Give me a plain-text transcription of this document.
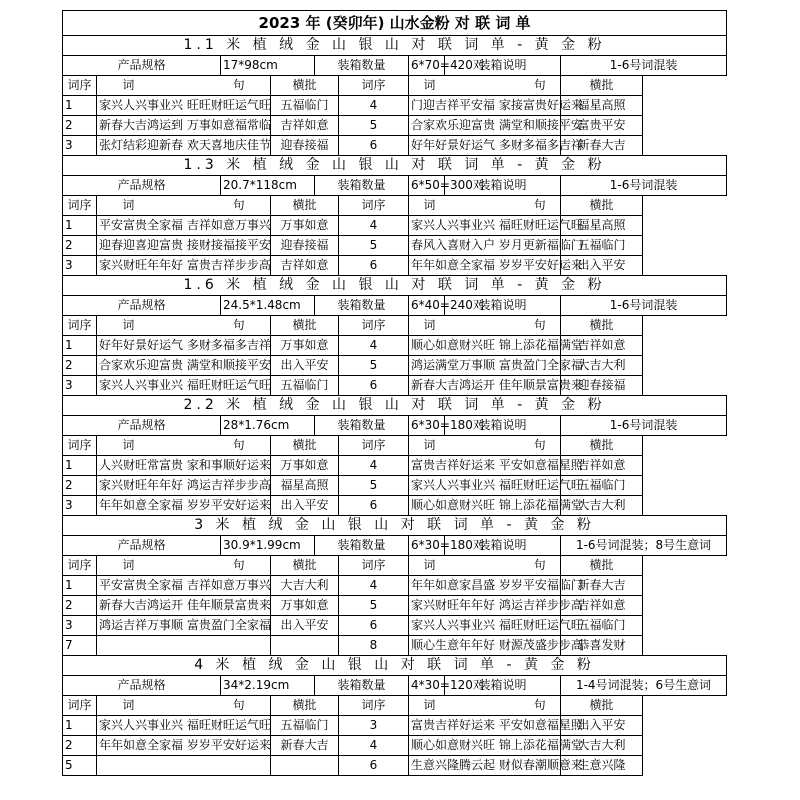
2023 年 (癸卯年) 山水金粉 对 联 词 单								
1.1 米 植 绒 金 山 银 山 对 联 词 单 - 黄 金 粉								
产品规格		17*98cm		装箱数量		6*70=420对	装箱说明	1-6号词混装
词序	词 句		横批		词序	词 句		横批
1	家兴人兴事业兴 旺旺财旺运气旺		五福临门		4	门迎吉祥平安福 家接富贵好运来		福星高照
2	新春大吉鸿运到 万事如意福常临		吉祥如意		5	合家欢乐迎富贵 满堂和顺接平安		富贵平安
3	张灯结彩迎新春 欢天喜地庆佳节		迎春接福		6	好年好景好运气 多财多福多吉祥		新春大吉
1.3 米 植 绒 金 山 银 山 对 联 词 单 - 黄 金 粉								
产品规格		20.7*118cm		装箱数量		6*50=300对	装箱说明	1-6号词混装
词序	词 句		横批		词序	词 句		横批
1	平安富贵全家福 吉祥如意万事兴		万事如意		4	家兴人兴事业兴 福旺财旺运气旺		福星高照
2	迎春迎喜迎富贵 接财接福接平安		迎春接福		5	春风入喜财入户 岁月更新福临门		五福临门
3	家兴财旺年年好 富贵吉祥步步高		吉祥如意		6	年年如意全家福 岁岁平安好运来		出入平安
1.6 米 植 绒 金 山 银 山 对 联 词 单 - 黄 金 粉								
产品规格		24.5*1.48cm		装箱数量		6*40=240对	装箱说明	1-6号词混装
词序	词 句		横批		词序	词 句		横批
1	好年好景好运气 多财多福多吉祥		万事如意		4	顺心如意财兴旺 锦上添花福满堂		吉祥如意
2	合家欢乐迎富贵 满堂和顺接平安		出入平安		5	鸿运满堂万事顺 富贵盈门全家福		大吉大利
3	家兴人兴事业兴 福旺财旺运气旺		五福临门		6	新春大吉鸿运开 佳年顺景富贵来		迎春接福
2.2 米 植 绒 金 山 银 山 对 联 词 单 - 黄 金 粉								
产品规格		28*1.76cm		装箱数量		6*30=180对	装箱说明	1-6号词混装
词序	词 句		横批		词序	词 句		横批
1	人兴财旺常富贵 家和事顺好运来		万事如意		4	富贵吉祥好运来 平安如意福星照		吉祥如意
2	家兴财旺年年好 鸿运吉祥步步高		福星高照		5	家兴人兴事业兴 福旺财旺运气旺		五福临门
3	年年如意全家福 岁岁平安好运来		出入平安		6	顺心如意财兴旺 锦上添花福满堂		大吉大利
3 米 植 绒 金 山 银 山 对 联 词 单 - 黄 金 粉								
产品规格		30.9*1.99cm		装箱数量		6*30=180对	装箱说明	1-6号词混装；8号生意词
词序	词 句		横批		词序	词 句		横批
1	平安富贵全家福 吉祥如意万事兴		大吉大利		4	年年如意家昌盛 岁岁平安福临门		新春大吉
2	新春大吉鸿运开 佳年顺景富贵来		万事如意		5	家兴财旺年年好 鸿运吉祥步步高		吉祥如意
3	鸿运吉祥万事顺 富贵盈门全家福		出入平安		6	家兴人兴事业兴 福旺财旺运气旺		五福临门
7					8	顺心生意年年好 财源茂盛步步高		恭喜发财
4 米 植 绒 金 山 银 山 对 联 词 单 - 黄 金 粉								
产品规格		34*2.19cm		装箱数量		4*30=120对	装箱说明	1-4号词混装；6号生意词
词序	词 句		横批		词序	词 句		横批
1	家兴人兴事业兴 福旺财旺运气旺		五福临门		3	富贵吉祥好运来 平安如意福星照		出入平安
2	年年如意全家福 岁岁平安好运来		新春大吉		4	顺心如意财兴旺 锦上添花福满堂		大吉大利
5					6	生意兴隆腾云起 财似春潮顺意来		生意兴隆
